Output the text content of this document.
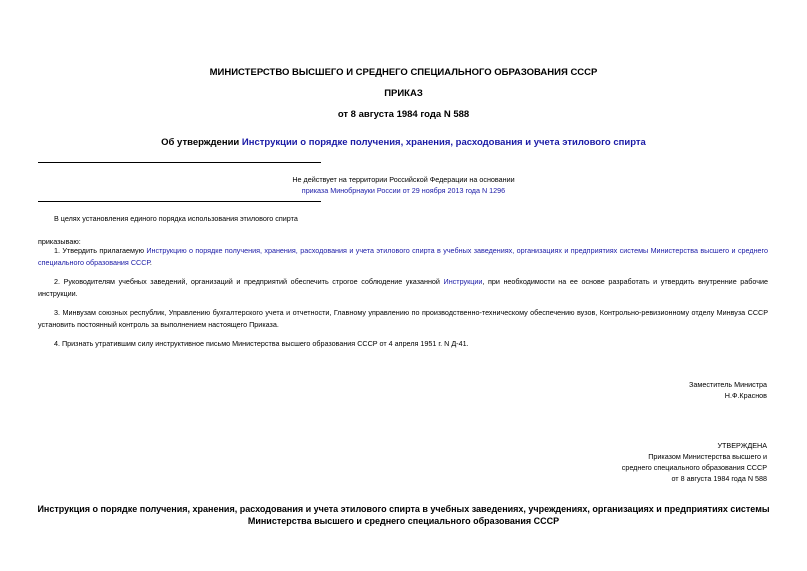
МИНИСТЕРСТВО ВЫСШЕГО И СРЕДНЕГО СПЕЦИАЛЬНОГО ОБРАЗОВАНИЯ СССР
ПРИКАЗ
от 8 августа 1984 года N 588
Об утверждении Инструкции о порядке получения, хранения, расходования и учета этилового спирта
Не действует на территории Российской Федерации на основании
приказа Минобрнауки России от 29 ноября 2013 года N 1296
В целях установления единого порядка использования этилового спирта
приказываю:
1. Утвердить прилагаемую Инструкцию о порядке получения, хранения, расходования и учета этилового спирта в учебных заведениях, организациях и предприятиях системы Министерства высшего и среднего специального образования СССР.
2. Руководителям учебных заведений, организаций и предприятий обеспечить строгое соблюдение указанной Инструкции, при необходимости на ее основе разработать и утвердить внутренние рабочие инструкции.
3. Минвузам союзных республик, Управлению бухгалтерского учета и отчетности, Главному управлению по производственно-техническому обеспечению вузов, Контрольно-ревизионному отделу Минвуза СССР установить постоянный контроль за выполнением настоящего Приказа.
4. Признать утратившим силу инструктивное письмо Министерства высшего образования СССР от 4 апреля 1951 г. N Д-41.
Заместитель Министра
Н.Ф.Краснов
УТВЕРЖДЕНА
Приказом Министерства высшего и
среднего специального образования СССР
от 8 августа 1984 года N 588
Инструкция о порядке получения, хранения, расходования и учета этилового спирта в учебных заведениях, учреждениях, организациях и предприятиях системы
Министерства высшего и среднего специального образования СССР
